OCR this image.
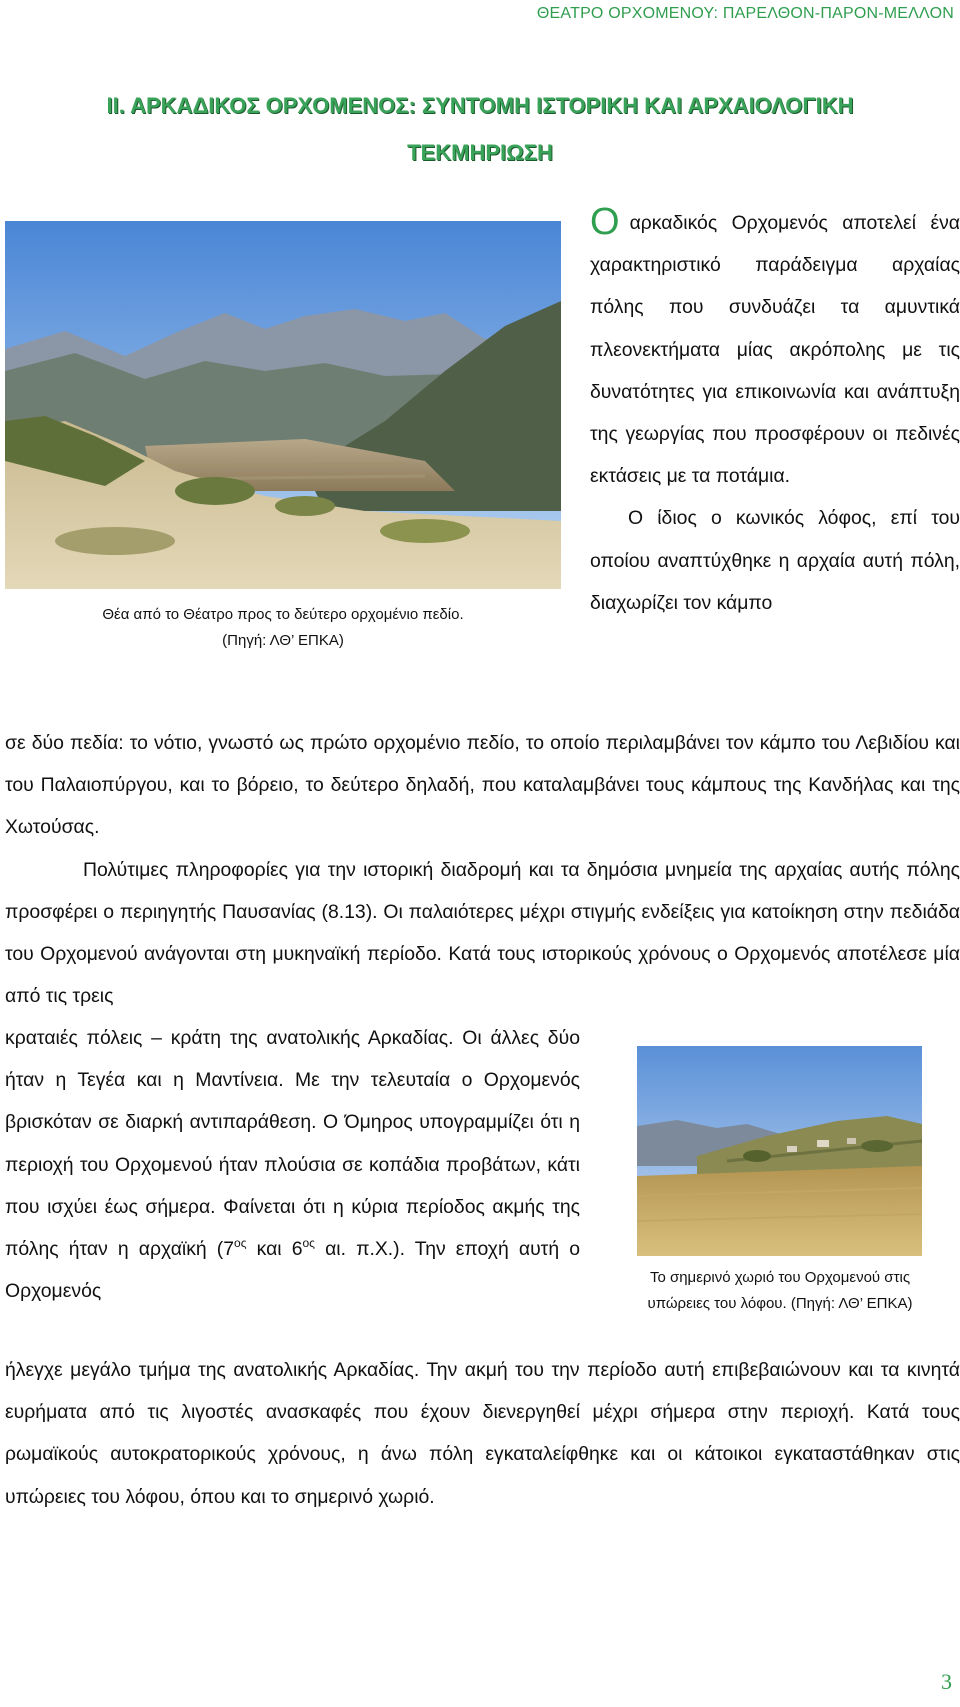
ΘΕΑΤΡΟ ΟΡΧΟΜΕΝΟΥ: ΠΑΡΕΛΘΟΝ-ΠΑΡΟΝ-ΜΕΛΛΟΝ
ΙΙ. ΑΡΚΑΔΙΚΟΣ ΟΡΧΟΜΕΝΟΣ: ΣΥΝΤΟΜΗ ΙΣΤΟΡΙΚΗ ΚΑΙ ΑΡΧΑΙΟΛΟΓΙΚΗ
ΤΕΚΜΗΡΙΩΣΗ
Θέα από το Θέατρο προς το δεύτερο ορχομένιο πεδίο.
(Πηγή: ΛΘ’ ΕΠΚΑ)

Οαρκαδικός Ορχομενός αποτελεί ένα χαρακτηριστικό παράδειγμα αρχαίας πόλης που συνδυάζει τα αμυντικά πλεονεκτήματα μίας ακρόπολης με τις δυνατότητες για επικοινωνία και ανάπτυξη της γεωργίας που προσφέρουν οι πεδινές εκτάσεις με τα ποτάμια.

Ο ίδιος ο κωνικός λόφος, επί του οποίου αναπτύχθηκε η αρχαία αυτή πόλη, διαχωρίζει τον κάμπο

σε δύο πεδία: το νότιο, γνωστό ως πρώτο ορχομένιο πεδίο, το οποίο περιλαμβάνει τον κάμπο του Λεβιδίου και του Παλαιοπύργου, και το βόρειο, το δεύτερο δηλαδή, που καταλαμβάνει τους κάμπους της Κανδήλας και της Χωτούσας.

Πολύτιμες πληροφορίες για την ιστορική διαδρομή και τα δημόσια μνημεία της αρχαίας αυτής πόλης προσφέρει ο περιηγητής Παυσανίας (8.13). Οι παλαιότερες μέχρι στιγμής ενδείξεις για κατοίκηση στην πεδιάδα του Ορχομενού ανάγονται στη μυκηναϊκή περίοδο. Κατά τους ιστορικούς χρόνους ο Ορχομενός αποτέλεσε μία από τις τρεις

κραταιές πόλεις – κράτη της ανατολικής Αρκαδίας. Οι άλλες δύο ήταν η Τεγέα και η Μαντίνεια. Με την τελευταία ο Ορχομενός βρισκόταν σε διαρκή αντιπαράθεση. Ο Όμηρος υπογραμμίζει ότι η περιοχή του Ορχομενού ήταν πλούσια σε κοπάδια προβάτων, κάτι που ισχύει έως σήμερα. Φαίνεται ότι η κύρια περίοδος ακμής της πόλης ήταν η αρχαϊκή ($7^{o\varsigma}$ και $6^{o\varsigma}$ αι. π.Χ.). Την εποχή αυτή ο Ορχομενός

Το σημερινό χωριό του Ορχομενού στις
υπώρειες του λόφου. (Πηγή: ΛΘ’ ΕΠΚΑ)

ήλεγχε μεγάλο τμήμα της ανατολικής Αρκαδίας. Την ακμή του την περίοδο αυτή επιβεβαιώνουν και τα κινητά ευρήματα από τις λιγοστές ανασκαφές που έχουν διενεργηθεί μέχρι σήμερα στην περιοχή. Κατά τους ρωμαϊκούς αυτοκρατορικούς χρόνους, η άνω πόλη εγκαταλείφθηκε και οι κάτοικοι εγκαταστάθηκαν στις υπώρειες του λόφου, όπου και το σημερινό χωριό.

3
